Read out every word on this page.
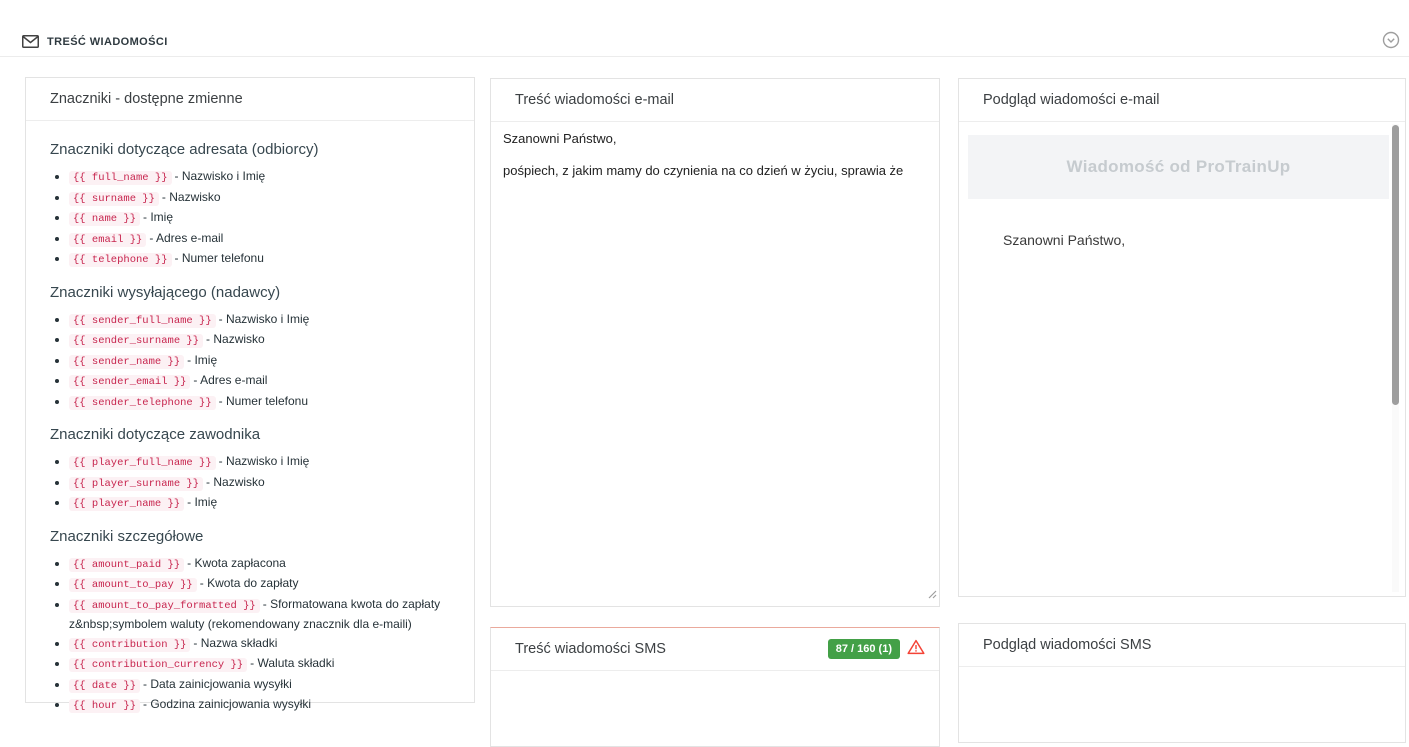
TREŚĆ WIADOMOŚCI
Znaczniki - dostępne zmienne
Znaczniki dotyczące adresata (odbiorcy)
• {{ full_name }} - Nazwisko i Imię
• {{ surname }} - Nazwisko
• {{ name }} - Imię
• {{ email }} - Adres e-mail
• {{ telephone }} - Numer telefonu
Znaczniki wysyłającego (nadawcy)
• {{ sender_full_name }} - Nazwisko i Imię
• {{ sender_surname }} - Nazwisko
• {{ sender_name }} - Imię
• {{ sender_email }} - Adres e-mail
• {{ sender_telephone }} - Numer telefonu
Znaczniki dotyczące zawodnika
• {{ player_full_name }} - Nazwisko i Imię
• {{ player_surname }} - Nazwisko
• {{ player_name }} - Imię
Znaczniki szczegółowe
• {{ amount_paid }} - Kwota zapłacona
• {{ amount_to_pay }} - Kwota do zapłaty
• {{ amount_to_pay_formatted }} - Sformatowana kwota do zapłaty z&nbsp;symbolem waluty (rekomendowany znacznik dla e-maili)
• {{ contribution }} - Nazwa składki
• {{ contribution_currency }} - Waluta składki
• {{ date }} - Data zainicjowania wysyłki
• {{ hour }} - Godzina zainicjowania wysyłki
Treść wiadomości e-mail
Szanowni Państwo, pośpiech, z jakim mamy do czynienia na co dzień w życiu, sprawia że
Treść wiadomości SMS	87 / 160 (1)
Podgląd wiadomości e-mail
Wiadomość od ProTrainUp
Szanowni Państwo,
Podgląd wiadomości SMS
